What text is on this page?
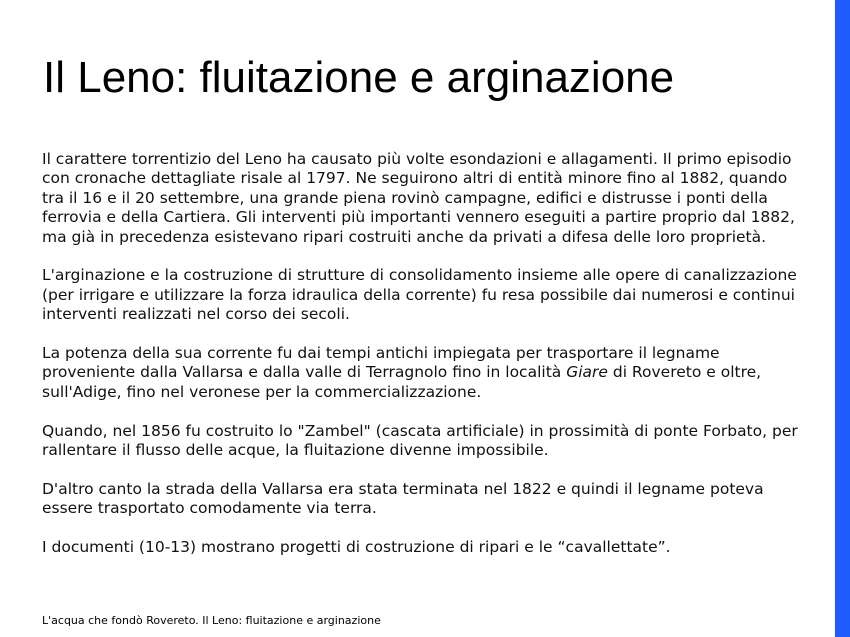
Il Leno: fluitazione e arginazione

Il carattere torrentizio del Leno ha causato più volte esondazioni e allagamenti. Il primo episodio con cronache dettagliate risale al 1797. Ne seguirono altri di entità minore fino al 1882, quando tra il 16 e il 20 settembre, una grande piena rovinò campagne, edifici e distrusse i ponti della ferrovia e della Cartiera. Gli interventi più importanti vennero eseguiti a partire proprio dal 1882, ma già in precedenza esistevano ripari costruiti anche da privati a difesa delle loro proprietà.

L'arginazione e la costruzione di strutture di consolidamento insieme alle opere di canalizzazione (per irrigare e utilizzare la forza idraulica della corrente) fu resa possibile dai numerosi e continui interventi realizzati nel corso dei secoli.

La potenza della sua corrente fu dai tempi antichi impiegata per trasportare il legname proveniente dalla Vallarsa e dalla valle di Terragnolo fino in località Giare di Rovereto e oltre, sull'Adige, fino nel veronese per la commercializzazione.

Quando, nel 1856 fu costruito lo "Zambel" (cascata artificiale) in prossimità di ponte Forbato, per rallentare il flusso delle acque, la fluitazione divenne impossibile.

D'altro canto la strada della Vallarsa era stata terminata nel 1822 e quindi il legname poteva essere trasportato comodamente via terra.

I documenti (10-13) mostrano progetti di costruzione di ripari e le “cavallettate”.

L'acqua che fondò Rovereto. Il Leno: fluitazione e arginazione
